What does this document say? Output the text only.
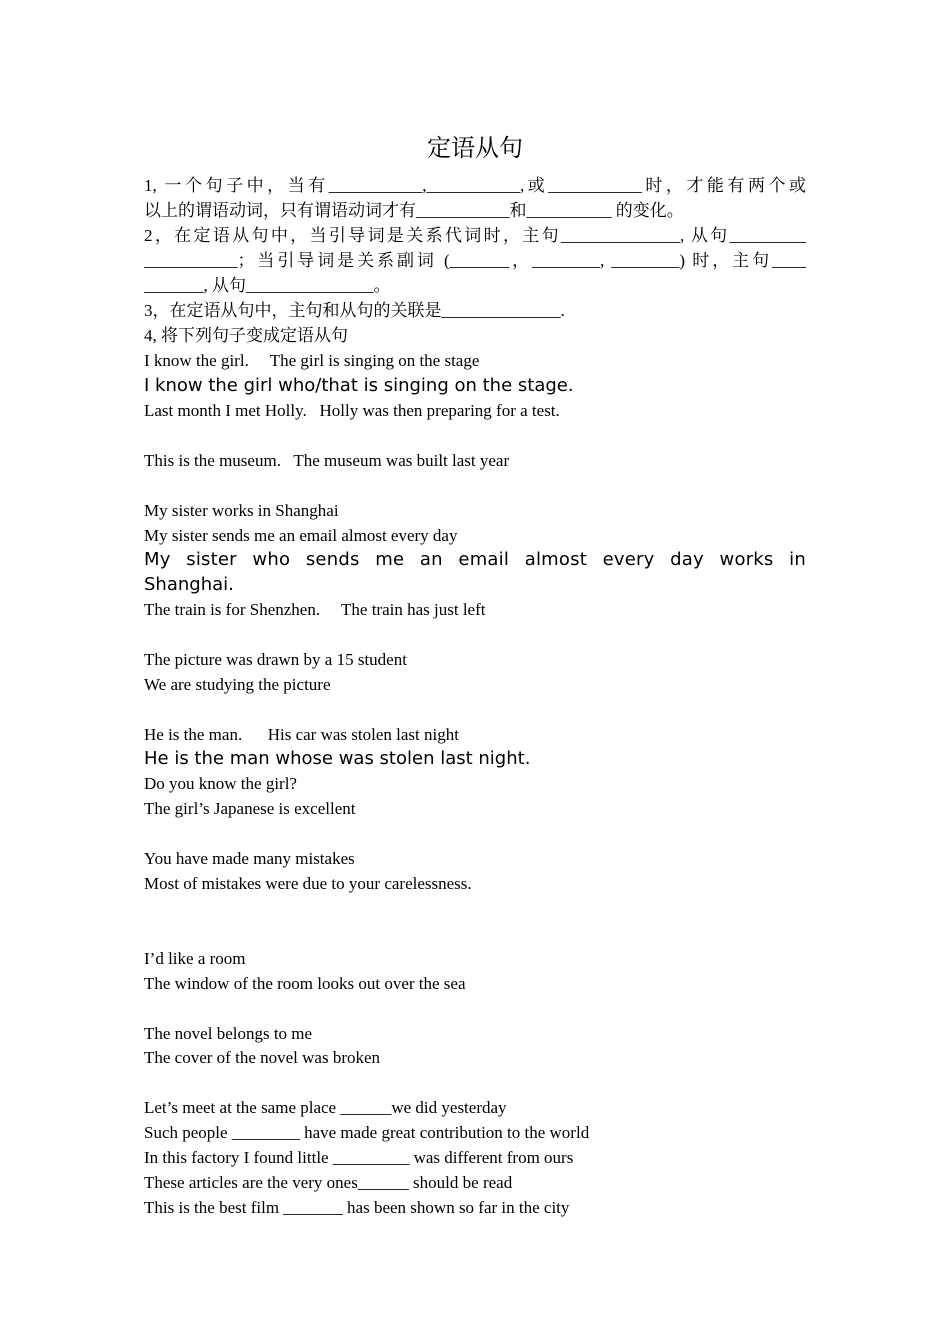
定语从句
1, 一个句子中，当有___________,___________,或___________时，才能有两个或
以上的谓语动词，只有谓语动词才有___________和__________ 的变化。
2，在定语从句中，当引导词是关系代词时，主句______________, 从句_________
___________；当引导词是关系副词 (_______，________, ________) 时，主句____
_______, 从句_______________。
3，在定语从句中，主句和从句的关联是______________.
4, 将下列句子变成定语从句
I know the girl.     The girl is singing on the stage
I know the girl who/that is singing on the stage.
Last month I met Holly.   Holly was then preparing for a test.
This is the museum.   The museum was built last year
My sister works in Shanghai
My sister sends me an email almost every day
My sister who sends me an email almost every day works in
Shanghai.
The train is for Shenzhen.     The train has just left
The picture was drawn by a 15 student
We are studying the picture
He is the man.      His car was stolen last night
He is the man whose was stolen last night.
Do you know the girl?
The girl’s Japanese is excellent
You have made many mistakes
Most of mistakes were due to your carelessness.
I’d like a room
The window of the room looks out over the sea
The novel belongs to me
The cover of the novel was broken
Let’s meet at the same place ______we did yesterday
Such people ________ have made great contribution to the world
In this factory I found little _________ was different from ours
These articles are the very ones______ should be read
This is the best film _______ has been shown so far in the city
